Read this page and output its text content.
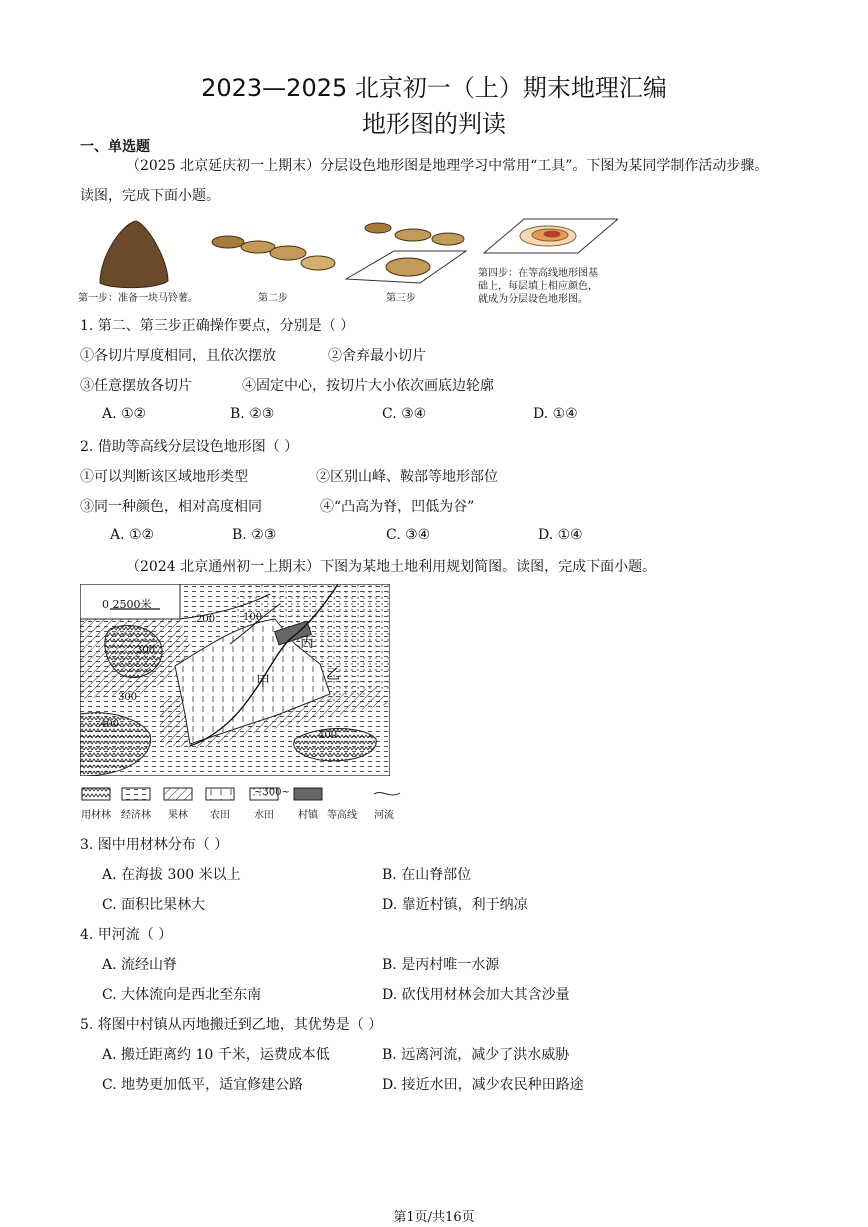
2023—2025 北京初一（上）期末地理汇编
地形图的判读
一、单选题
（2025 北京延庆初一上期末）分层设色地形图是地理学习中常用“工具”。下图为某同学制作活动步骤。
读图，完成下面小题。
第一步：准备一块马铃薯。	第二步	第三步
第四步：在等高线地形图基
础上，每层填上相应颜色，
就成为分层设色地形图。
1. 第二、第三步正确操作要点，分别是（ ）
①各切片厚度相同，且依次摆放	②舍弃最小切片
③任意摆放各切片	④固定中心，按切片大小依次画底边轮廓
A. ①②	B. ②③	C. ③④	D. ①④
2. 借助等高线分层设色地形图（ ）
①可以判断该区域地形类型	②区别山峰、鞍部等地形部位
③同一种颜色，相对高度相同	④“凸高为脊，凹低为谷”
A. ①②	B. ②③	C. ③④	D. ①④
（2024 北京通州初一上期末）下图为某地土地利用规划简图。读图，完成下面小题。
0 2500米
200	100
300
300
400
400
丙
乙
甲
~300~
用材林	经济林	果林	农田	水田	村镇 等高线	河流
3. 图中用材林分布（ ）
A. 在海拔 300 米以上	B. 在山脊部位
C. 面积比果林大	D. 靠近村镇，利于纳凉
4. 甲河流（ ）
A. 流经山脊	B. 是丙村唯一水源
C. 大体流向是西北至东南	D. 砍伐用材林会加大其含沙量
5. 将图中村镇从丙地搬迁到乙地，其优势是（ ）
A. 搬迁距离约 10 千米，运费成本低	B. 远离河流，减少了洪水威胁
C. 地势更加低平，适宜修建公路	D. 接近水田，减少农民种田路途
第1页/共16页
